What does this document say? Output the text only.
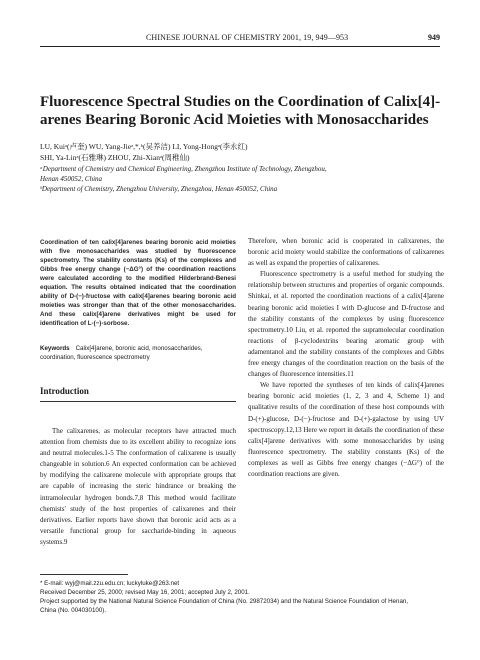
CHINESE JOURNAL OF CHEMISTRY 2001, 19, 949—953	949
Fluorescence Spectral Studies on the Coordination of Calix[4]-arenes Bearing Boronic Acid Moieties with Monosaccharides
LU, Kuiᵃ(卢奎) WU, Yang-Jieᵃ,*,ᵇ(吴养洁) LI, Yong-Hongᵃ(李永红)
SHI, Ya-Linᵃ(石雅琳) ZHOU, Zhi-Xianᵃ(周稚仙)
ᵃDepartment of Chemistry and Chemical Engineering, Zhengzhou Institute of Technology, Zhengzhou,
Henan 450052, China
ᵇDepartment of Chemistry, Zhengzhou University, Zhengzhou, Henan 450052, China
Coordination of ten calix[4]arenes bearing boronic acid moieties with five monosaccharides was studied by fluorescence spectrometry. The stability constants (Ks) of the complexes and Gibbs free energy change (−ΔG°) of the coordination reactions were calculated according to the modified Hilderbrand-Benesi equation. The results obtained indicated that the coordination ability of D-(−)-fructose with calix[4]arenes bearing boronic acid moieties was stronger than that of the other monosaccharides. And these calix[4]arene derivatives might be used for identification of L-(−)-sorbose.
Keywords Calix[4]arene, boronic acid, monosaccharides, coordination, fluorescence spectrometry
Introduction

The calixarenes, as molecular receptors have attracted much attention from chemists due to its excellent ability to recognize ions and neutral molecules.1-5 The conformation of calixarene is usually changeable in solution.6 An expected conformation can be achieved by modifying the calixarene molecule with appropriate groups that are capable of increasing the steric hindrance or breaking the intramolecular hydrogen bonds.7,8 This method would facilitate chemists' study of the host properties of calixarenes and their derivatives. Earlier reports have shown that boronic acid acts as a versatile functional group for saccharide-binding in aqueous systems.9

Therefore, when boronic acid is cooperated in calixarenes, the boronic acid moiety would stabilize the conformations of calixarenes as well as expand the properties of calixarenes.

Fluorescence spectrometry is a useful method for studying the relationship between structures and properties of organic compounds. Shinkai, et al. reported the coordination reactions of a calix[4]arene bearing boronic acid moieties I with D-glucose and D-fructose and the stability constants of the complexes by using fluorescence spectrometry.10 Liu, et al. reported the supramolecular coordination reactions of β-cyclodextrins bearing aromatic group with adamentanol and the stability constants of the complexes and Gibbs free energy changes of the coordination reaction on the basis of the changes of fluorescence intensities.11

We have reported the syntheses of ten kinds of calix[4]arenes bearing boronic acid moieties (1, 2, 3 and 4, Scheme 1) and qualitative results of the coordination of these host compounds with D-(+)-glucose, D-(−)-fructose and D-(+)-galactose by using UV spectroscopy.12,13 Here we report in details the coordination of these calix[4]arene derivatives with some monosaccharides by using fluorescence spectrometry. The stability constants (Ks) of the complexes as well as Gibbs free energy changes (−ΔG°) of the coordination reactions are given.

* E-mail: wyj@mail.zzu.edu.cn; luckyluke@263.net
Received December 25, 2000; revised May 16, 2001; accepted July 2, 2001.
Project supported by the National Natural Science Foundation of China (No. 29872034) and the Natural Science Foundation of Henan,
China (No. 004030100).
